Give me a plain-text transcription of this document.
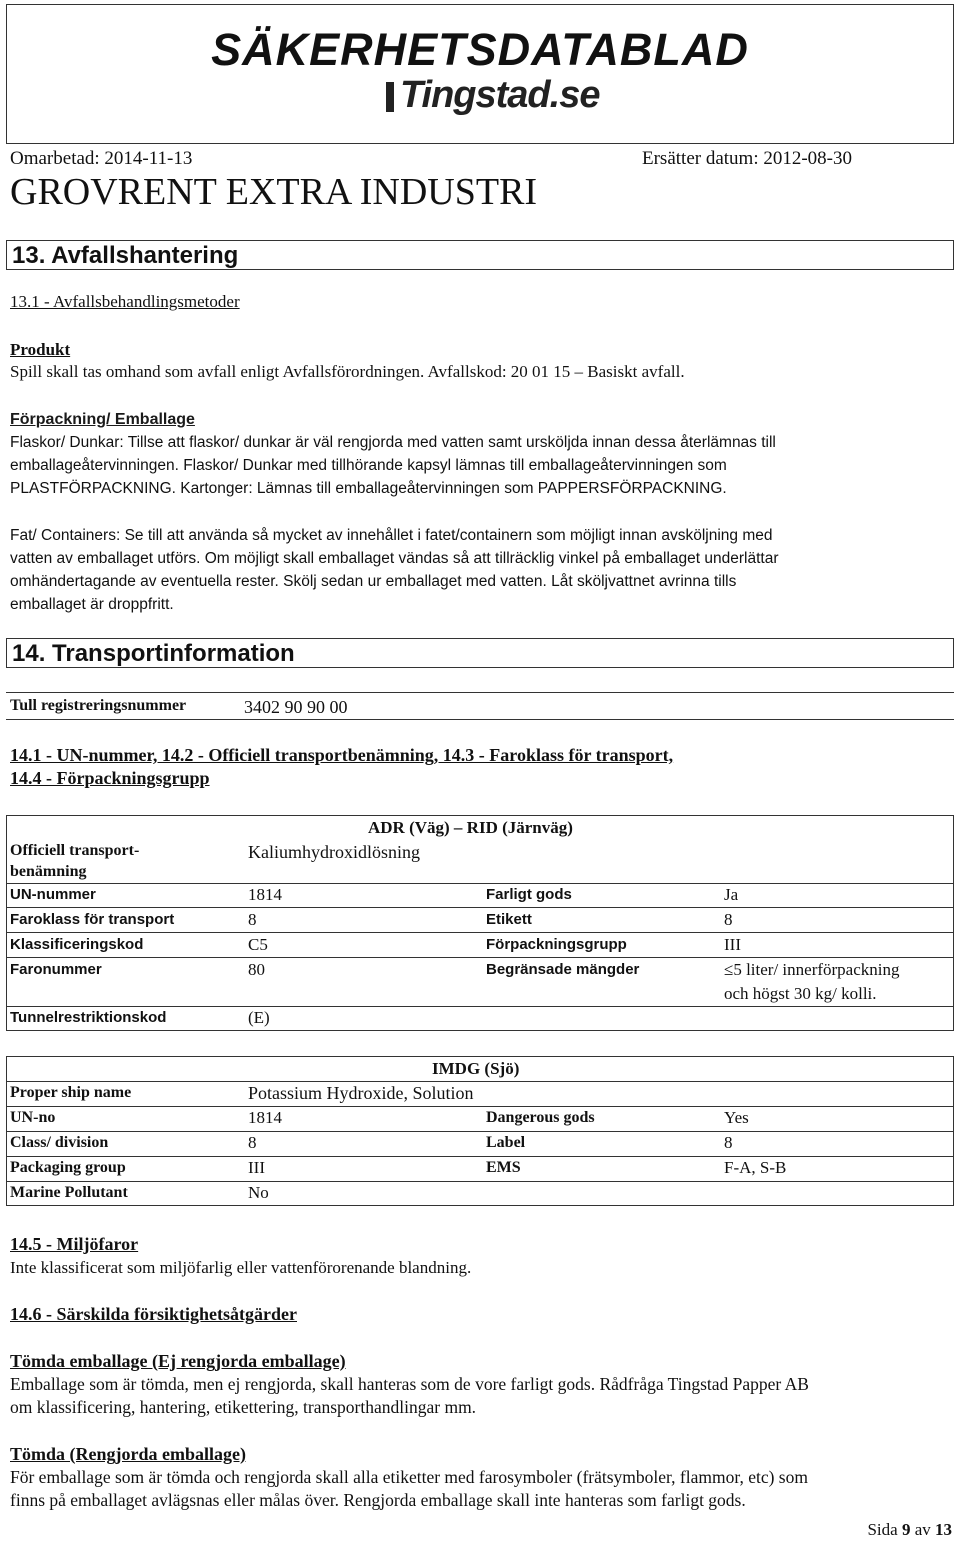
SÄKERHETSDATABLAD
Tingstad.se
Omarbetad: 2014-11-13	Ersätter datum: 2012-08-30
GROVRENT EXTRA INDUSTRI
13. Avfallshantering
13.1 - Avfallsbehandlingsmetoder
Produkt
Spill skall tas omhand som avfall enligt Avfallsförordningen. Avfallskod: 20 01 15 – Basiskt avfall.
Förpackning/ Emballage
Flaskor/ Dunkar: Tillse att flaskor/ dunkar är väl rengjorda med vatten samt ursköljda innan dessa återlämnas till
emballageåtervinningen. Flaskor/ Dunkar med tillhörande kapsyl lämnas till emballageåtervinningen som
PLASTFÖRPACKNING. Kartonger: Lämnas till emballageåtervinningen som PAPPERSFÖRPACKNING.
Fat/ Containers: Se till att använda så mycket av innehållet i fatet/containern som möjligt innan avsköljning med
vatten av emballaget utförs. Om möjligt skall emballaget vändas så att tillräcklig vinkel på emballaget underlättar
omhändertagande av eventuella rester. Skölj sedan ur emballaget med vatten. Låt sköljvattnet avrinna tills
emballaget är droppfritt.
14. Transportinformation
Tull registreringsnummer	3402 90 90 00
14.1 - UN-nummer, 14.2 - Officiell transportbenämning, 14.3 - Faroklass för transport,
14.4 - Förpackningsgrupp
ADR (Väg) – RID (Järnväg)
Officiell transport-
benämning
Kaliumhydroxidlösning
UN-nummer	1814	Farligt gods	Ja
Faroklass för transport	8	Etikett	8
Klassificeringskod	C5	Förpackningsgrupp	III
Faronummer	80	Begränsade mängder	≤5 liter/ innerförpackning
och högst 30 kg/ kolli.
Tunnelrestriktionskod	(E)
IMDG (Sjö)
Proper ship name	Potassium Hydroxide, Solution
UN-no	1814	Dangerous gods	Yes
Class/ division	8	Label	8
Packaging group	III	EMS	F-A, S-B
Marine Pollutant	No
14.5 - Miljöfaror
Inte klassificerat som miljöfarlig eller vattenförorenande blandning.
14.6 - Särskilda försiktighetsåtgärder
Tömda emballage (Ej rengjorda emballage)
Emballage som är tömda, men ej rengjorda, skall hanteras som de vore farligt gods. Rådfråga Tingstad Papper AB
om klassificering, hantering, etikettering, transporthandlingar mm.
Tömda (Rengjorda emballage)
För emballage som är tömda och rengjorda skall alla etiketter med farosymboler (frätsymboler, flammor, etc) som
finns på emballaget avlägsnas eller målas över. Rengjorda emballage skall inte hanteras som farligt gods.
Sida 9 av 13
